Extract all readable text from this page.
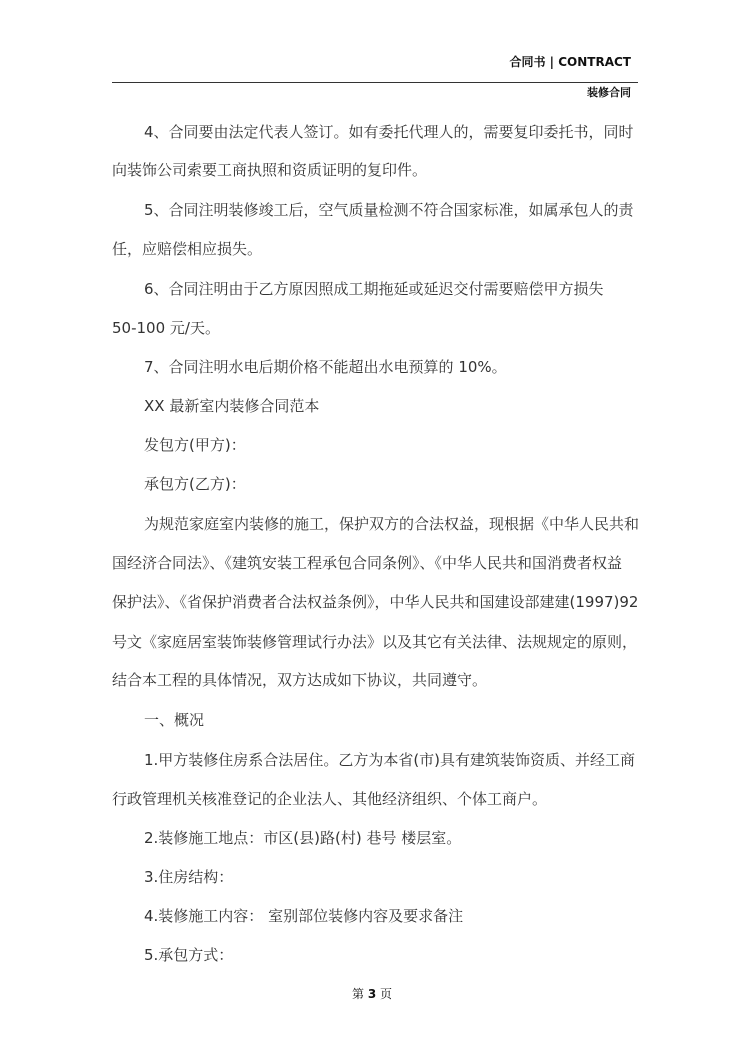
合同书 | CONTRACT
装修合同
4、合同要由法定代表人签订。如有委托代理人的，需要复印委托书，同时
向装饰公司索要工商执照和资质证明的复印件。
5、合同注明装修竣工后，空气质量检测不符合国家标准，如属承包人的责
任，应赔偿相应损失。
6、合同注明由于乙方原因照成工期拖延或延迟交付需要赔偿甲方损失
50-100 元/天。
7、合同注明水电后期价格不能超出水电预算的 10%。
XX 最新室内装修合同范本
发包方(甲方)：
承包方(乙方)：
为规范家庭室内装修的施工，保护双方的合法权益，现根据《中华人民共和
国经济合同法》、《建筑安装工程承包合同条例》、《中华人民共和国消费者权益
保护法》、《省保护消费者合法权益条例》，中华人民共和国建设部建建(1997)92
号文《家庭居室装饰装修管理试行办法》以及其它有关法律、法规规定的原则，
结合本工程的具体情况，双方达成如下协议，共同遵守。
一、概况
1.甲方装修住房系合法居住。乙方为本省(市)具有建筑装饰资质、并经工商
行政管理机关核准登记的企业法人、其他经济组织、个体工商户。
2.装修施工地点：市区(县)路(村) 巷号 楼层室。
3.住房结构：
4.装修施工内容： 室别部位装修内容及要求备注
5.承包方式：
第 3 页
